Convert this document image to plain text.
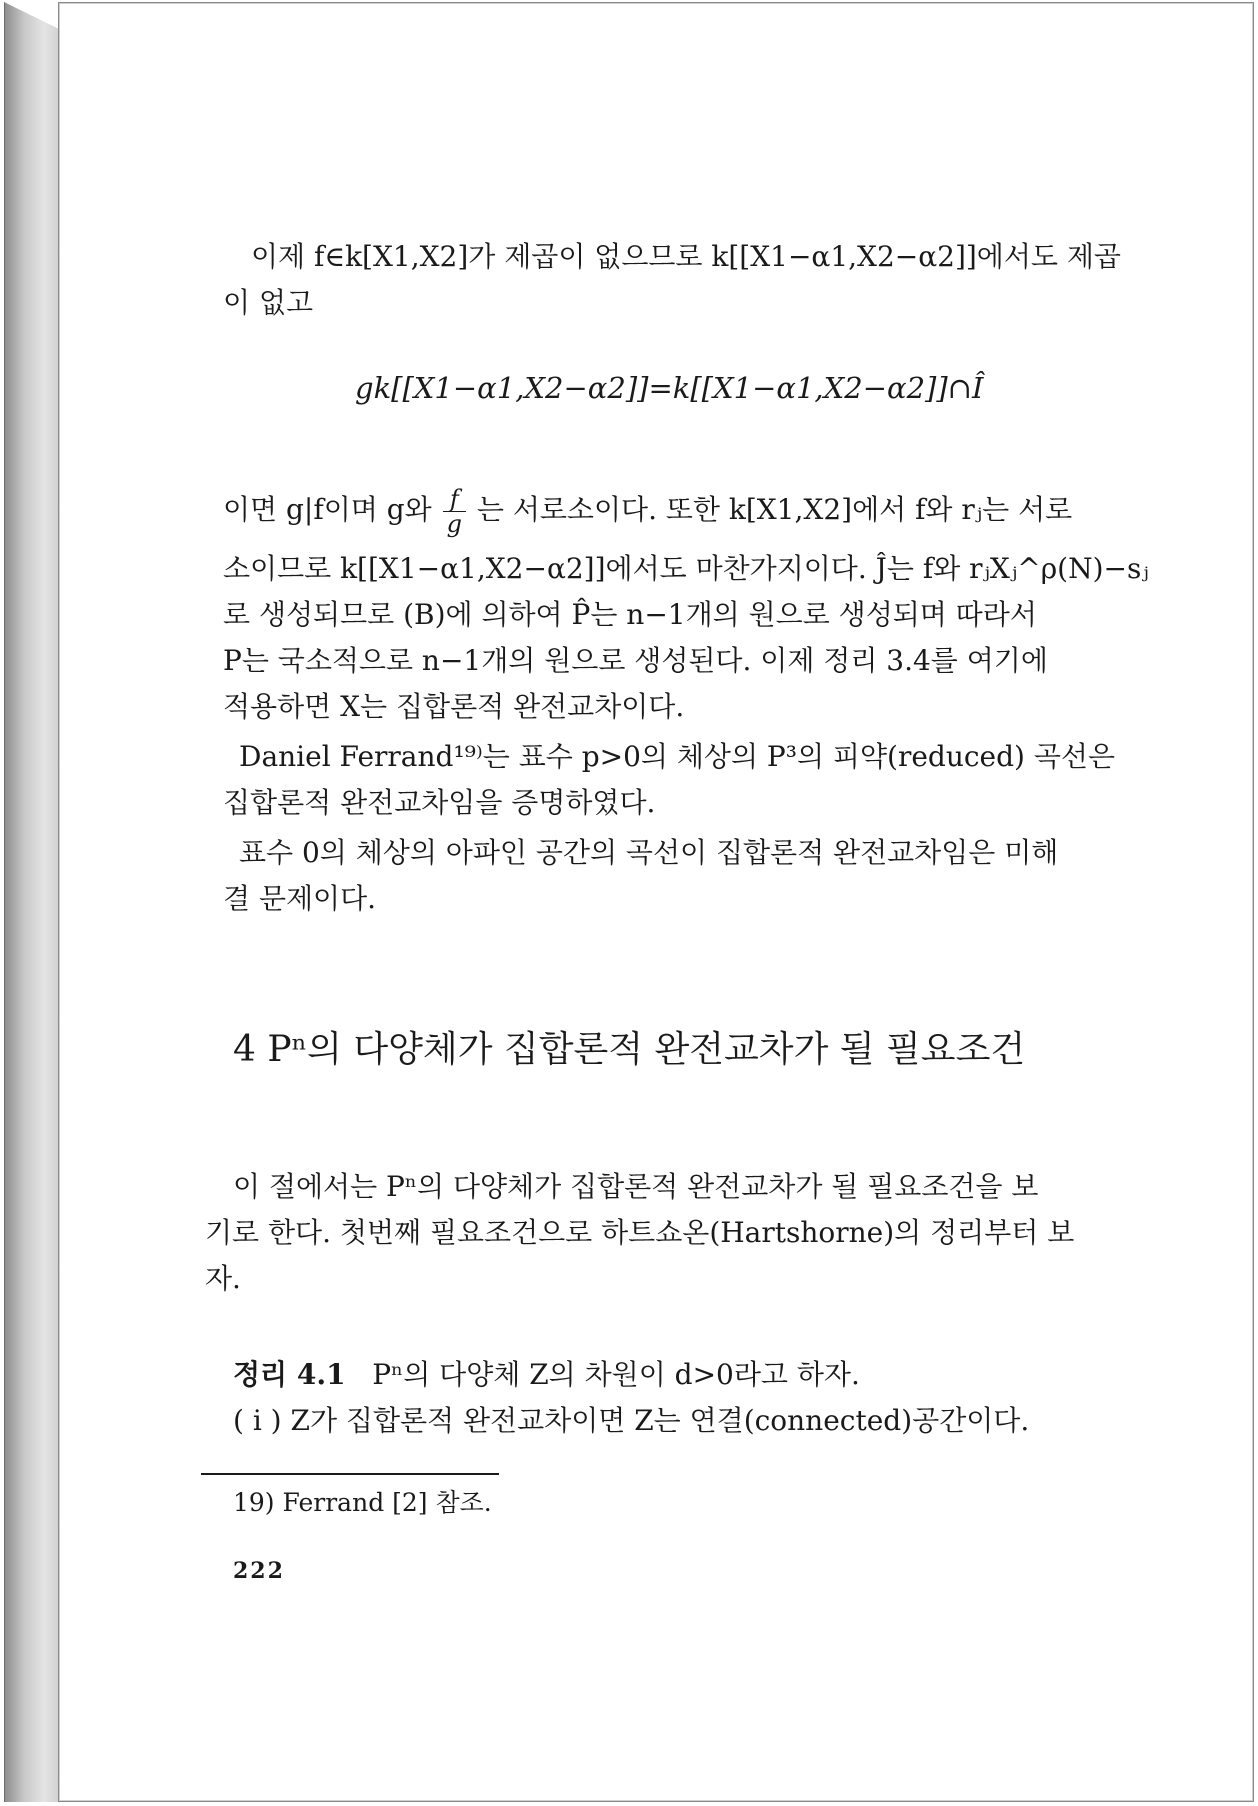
이제 f∈k[X1,X2]가 제곱이 없으므로 k[[X1−α1,X2−α2]]에서도 제곱
이 없고
gk[[X1−α1,X2−α2]]=k[[X1−α1,X2−α2]]∩Î
이면 g|f이며 g와 $\frac{f}{g}$ 는 서로소이다. 또한 k[X1,X2]에서 f와 rⱼ는 서로
소이므로 k[[X1−α1,X2−α2]]에서도 마찬가지이다. Ĵ는 f와 rⱼXⱼ^ρ(N)−sⱼ
로 생성되므로 (B)에 의하여 P̂는 n−1개의 원으로 생성되며 따라서
P는 국소적으로 n−1개의 원으로 생성된다. 이제 정리 3.4를 여기에
적용하면 X는 집합론적 완전교차이다.
Daniel Ferrand¹⁹⁾는 표수 p>0의 체상의 P³의 피약(reduced) 곡선은
집합론적 완전교차임을 증명하였다.
표수 0의 체상의 아파인 공간의 곡선이 집합론적 완전교차임은 미해
결 문제이다.
4 Pⁿ의 다양체가 집합론적 완전교차가 될 필요조건
이 절에서는 Pⁿ의 다양체가 집합론적 완전교차가 될 필요조건을 보
기로 한다. 첫번째 필요조건으로 하트쇼온(Hartshorne)의 정리부터 보
자.
정리 4.1 Pⁿ의 다양체 Z의 차원이 d>0라고 하자.
( i ) Z가 집합론적 완전교차이면 Z는 연결(connected)공간이다.
19) Ferrand [2] 참조.
222
